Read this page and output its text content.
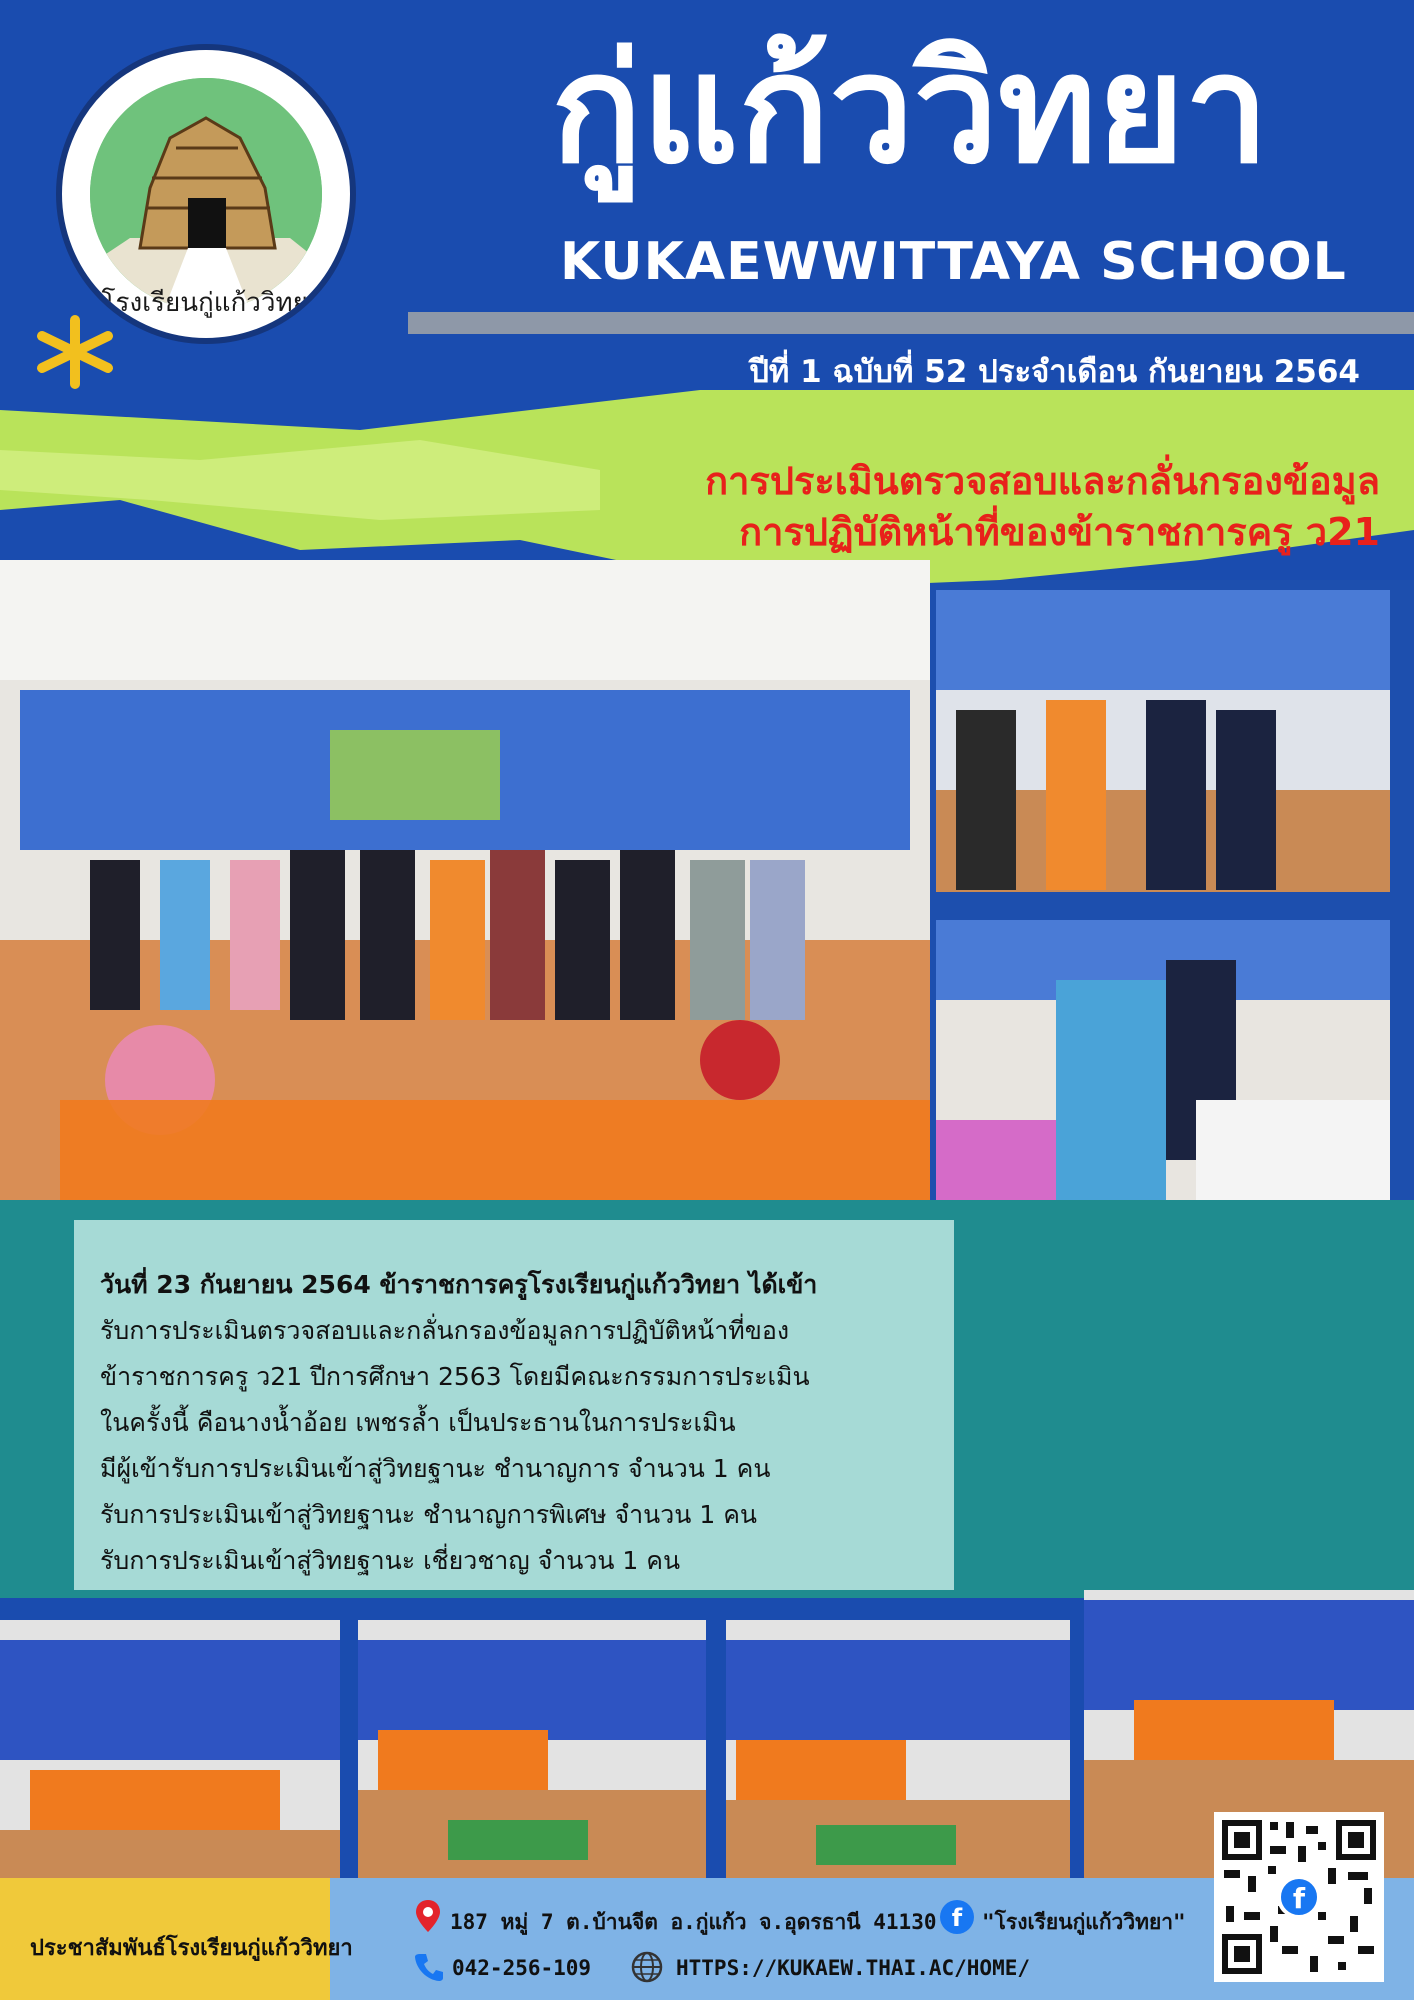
โรงเรียนกู่แก้ววิทยา
กู่แก้ววิทยา
KUKAEWWITTAYA SCHOOL
ปีที่ 1 ฉบับที่ 52 ประจำเดือน กันยายน 2564
การประเมินตรวจสอบและกลั่นกรองข้อมูล
การปฏิบัติหน้าที่ของข้าราชการครู ว21

วันที่ 23 กันยายน 2564 ข้าราชการครูโรงเรียนกู่แก้ววิทยา ได้เข้า

รับการประเมินตรวจสอบและกลั่นกรองข้อมูลการปฏิบัติหน้าที่ของ

ข้าราชการครู ว21 ปีการศึกษา 2563 โดยมีคณะกรรมการประเมิน

ในครั้งนี้ คือนางน้ำอ้อย เพชรล้ำ เป็นประธานในการประเมิน

มีผู้เข้ารับการประเมินเข้าสู่วิทยฐานะ ชำนาญการ จำนวน 1 คน

รับการประเมินเข้าสู่วิทยฐานะ ชำนาญการพิเศษ จำนวน 1 คน

รับการประเมินเข้าสู่วิทยฐานะ เชี่ยวชาญ จำนวน 1 คน

ประชาสัมพันธ์โรงเรียนกู่แก้ววิทยา
187 หมู่ 7 ต.บ้านจีต อ.กู่แก้ว จ.อุดรธานี 41130 f "โรงเรียนกู่แก้ววิทยา"
042-256-109	HTTPS://KUKAEW.THAI.AC/HOME/
f
